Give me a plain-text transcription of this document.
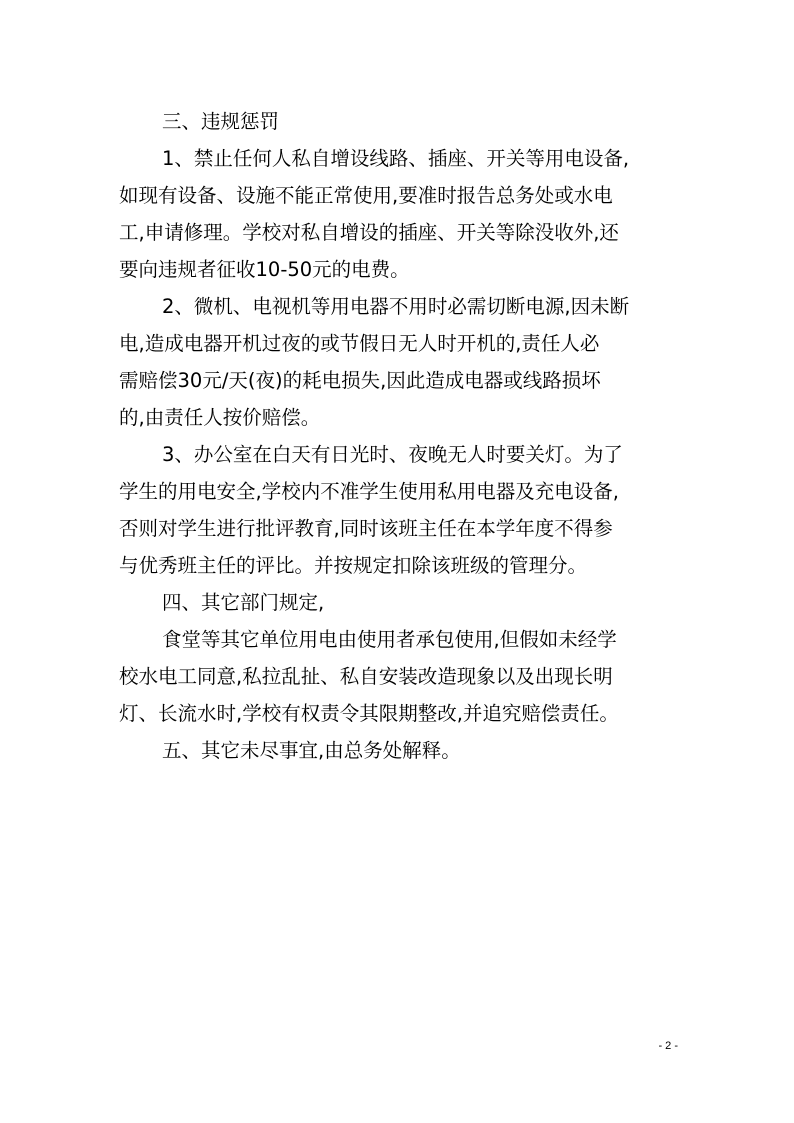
三、违规惩罚
1、禁止任何人私自增设线路、插座、开关等用电设备,
如现有设备、设施不能正常使用,要准时报告总务处或水电
工,申请修理。学校对私自增设的插座、开关等除没收外,还
要向违规者征收10-50元的电费。
2、微机、电视机等用电器不用时必需切断电源,因未断
电,造成电器开机过夜的或节假日无人时开机的,责任人必
需赔偿30元/天(夜)的耗电损失,因此造成电器或线路损坏
的,由责任人按价赔偿。
3、办公室在白天有日光时、夜晚无人时要关灯。为了
学生的用电安全,学校内不准学生使用私用电器及充电设备,
否则对学生进行批评教育,同时该班主任在本学年度不得参
与优秀班主任的评比。并按规定扣除该班级的管理分。
四、其它部门规定,
食堂等其它单位用电由使用者承包使用,但假如未经学
校水电工同意,私拉乱扯、私自安装改造现象以及出现长明
灯、长流水时,学校有权责令其限期整改,并追究赔偿责任。
五、其它未尽事宜,由总务处解释。
- 2 -
